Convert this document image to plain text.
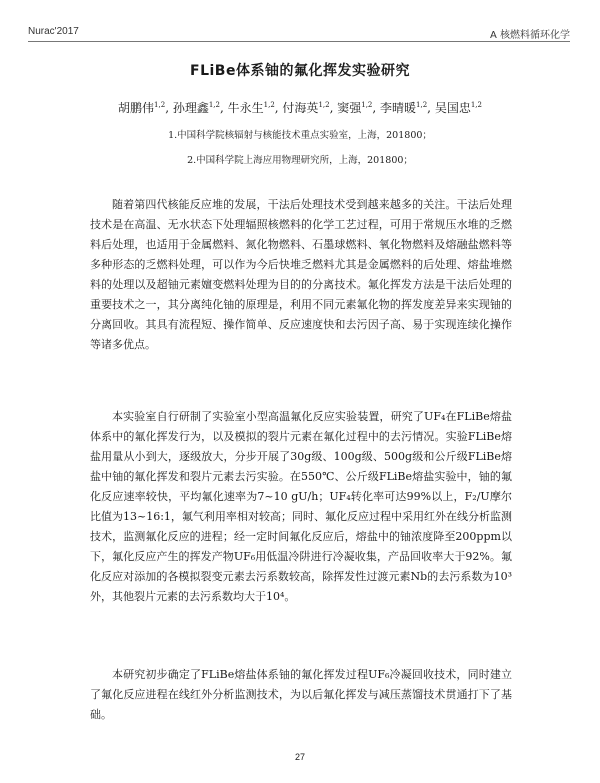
Nurac'2017	A 核燃料循环化学
FLiBe体系铀的氟化挥发实验研究
胡鹏伟$^{1,2}$, 孙理鑫$^{1,2}$, 牛永生$^{1,2}$, 付海英$^{1,2}$, 窦强$^{1,2}$, 李晴暖$^{1,2}$, 吴国忠$^{1,2}$
1.中国科学院核辐射与核能技术重点实验室，上海，201800；
2.中国科学院上海应用物理研究所，上海，201800；

随着第四代核能反应堆的发展，干法后处理技术受到越来越多的关注。干法后处理技术是在高温、无水状态下处理辐照核燃料的化学工艺过程，可用于常规压水堆的乏燃料后处理，也适用于金属燃料、氮化物燃料、石墨球燃料、氧化物燃料及熔融盐燃料等多种形态的乏燃料处理，可以作为今后快堆乏燃料尤其是金属燃料的后处理、熔盐堆燃料的处理以及超铀元素嬗变燃料处理为目的的分离技术。氟化挥发方法是干法后处理的重要技术之一，其分离纯化铀的原理是，利用不同元素氟化物的挥发度差异来实现铀的分离回收。其具有流程短、操作简单、反应速度快和去污因子高、易于实现连续化操作等诸多优点。

本实验室自行研制了实验室小型高温氟化反应实验装置，研究了UF₄在FLiBe熔盐体系中的氟化挥发行为，以及模拟的裂片元素在氟化过程中的去污情况。实验FLiBe熔盐用量从小到大，逐级放大，分步开展了30g级、100g级、500g级和公斤级FLiBe熔盐中铀的氟化挥发和裂片元素去污实验。在550℃、公斤级FLiBe熔盐实验中，铀的氟化反应速率较快，平均氟化速率为7~10 gU/h；UF₄转化率可达99%以上，F₂/U摩尔比值为13~16:1，氟气利用率相对较高；同时、氟化反应过程中采用红外在线分析监测技术，监测氟化反应的进程；经一定时间氟化反应后，熔盐中的铀浓度降至200ppm以下，氟化反应产生的挥发产物UF₆用低温冷阱进行冷凝收集，产品回收率大于92%。氟化反应对添加的各模拟裂变元素去污系数较高，除挥发性过渡元素Nb的去污系数为10³外，其他裂片元素的去污系数均大于10⁴。

本研究初步确定了FLiBe熔盐体系铀的氟化挥发过程UF₆冷凝回收技术，同时建立了氟化反应进程在线红外分析监测技术，为以后氟化挥发与减压蒸馏技术贯通打下了基础。

27
